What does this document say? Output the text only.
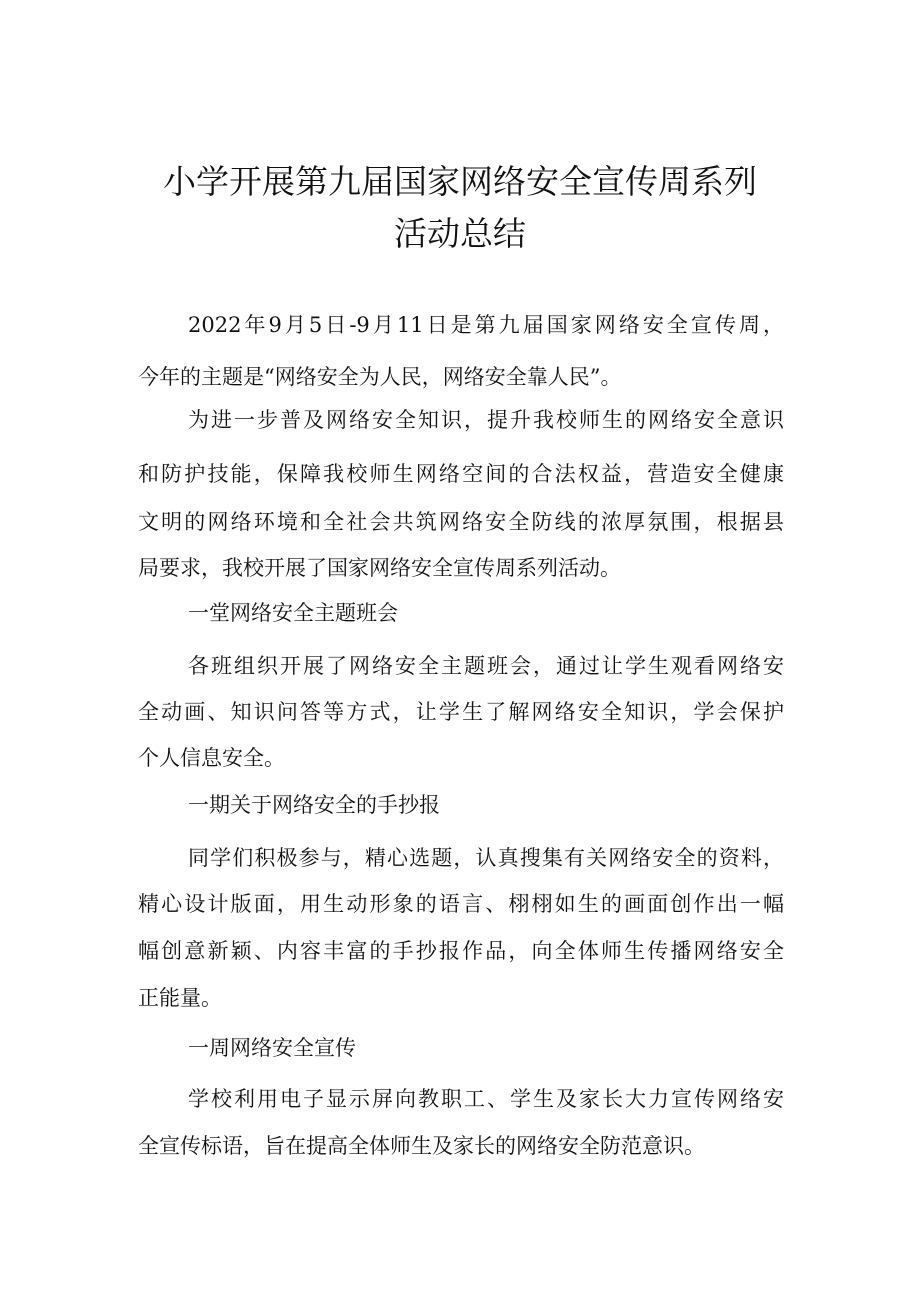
小学开展第九届国家网络安全宣传周系列
活动总结
2022年9月5日-9月11日是第九届国家网络安全宣传周，
今年的主题是“网络安全为人民，网络安全靠人民”。
为进一步普及网络安全知识，提升我校师生的网络安全意识
和防护技能，保障我校师生网络空间的合法权益，营造安全健康
文明的网络环境和全社会共筑网络安全防线的浓厚氛围，根据县
局要求，我校开展了国家网络安全宣传周系列活动。
一堂网络安全主题班会
各班组织开展了网络安全主题班会，通过让学生观看网络安
全动画、知识问答等方式，让学生了解网络安全知识，学会保护
个人信息安全。
一期关于网络安全的手抄报
同学们积极参与，精心选题，认真搜集有关网络安全的资料，
精心设计版面，用生动形象的语言、栩栩如生的画面创作出一幅
幅创意新颖、内容丰富的手抄报作品，向全体师生传播网络安全
正能量。
一周网络安全宣传
学校利用电子显示屏向教职工、学生及家长大力宣传网络安
全宣传标语，旨在提高全体师生及家长的网络安全防范意识。
